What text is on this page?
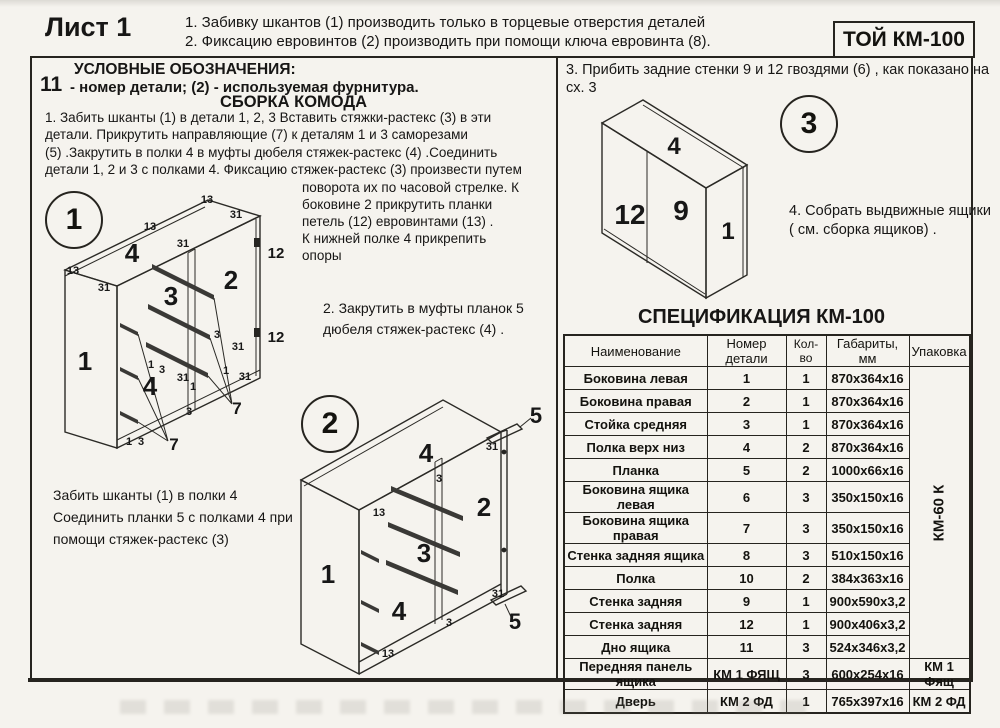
Лист 1	1. Забивку шкантов (1) производить только в торцевые отверстия деталей
2. Фиксацию евровинтов (2) производить при помощи ключа евровинта (8).	ТОЙ КМ-100
УСЛОВНЫЕ ОБОЗНАЧЕНИЯ:
11 - номер детали; (2) - используемая фурнитура.
СБОРКА КОМОДА
1. Забить шканты (1) в детали 1, 2, 3 Вставить стяжки-растекс (3) в эти
детали. Прикрутить направляющие (7) к деталям 1 и 3 саморезами
(5) .Закрутить в полки 4 в муфты дюбеля стяжек-растекс (4) .Соединить
детали 1, 2 и 3 с полками 4. Фиксацию стяжек-растекс (3) произвести путем
поворота их по часовой стрелке. К
боковине 2 прикрутить планки
петель (12) евровинтами (13) .
К нижней полке 4 прикрепить
опоры
2. Закрутить в муфты планок 5
дюбеля стяжек-растекс (4) .
Забить шканты (1) в полки 4
Соединить планки 5 с полками 4 при
помощи стяжек-растекс (3)
3. Прибить задние стенки 9 и 12 гвоздями (6) , как показано на
сх. 3
4. Собрать выдвижные ящики
( см. сборка ящиков) .
4
1
3
2
4
7
7
12
12
13
13
31
31
13
31
3
31
1 31
1 3
31
1
3
1 3
1
4
1
3
2
4
5
5
31
3
13
31
3
13
2
4
12 9
1
3
СПЕЦИФИКАЦИЯ КМ-100
Наименование	Номер детали	Кол-во	Габариты, мм	Упаковка
Боковина левая	1	1	870х364х16	КМ-60 К

Боковина правая	2	1	870х364х16	
Стойка средняя	3	1	870х364х16	
Полка верх низ	4	2	870х364х16	
Планка	5	2	1000х66х16	
Боковина ящика левая	6	3	350х150х16	
Боковина ящика правая	7	3	350х150х16	
Стенка задняя ящика	8	3	510х150х16	
Полка	10	2	384х363х16	
Стенка задняя	9	1	900х590х3,2	
Стенка задняя	12	1	900х406х3,2	
Дно ящика	11	3	524х346х3,2	
Передняя панель ящика	КМ 1 ФЯЩ	3	600х254х16	КМ 1 Фящ
Дверь	КМ 2 ФД	1	765х397х16	КМ 2 ФД
